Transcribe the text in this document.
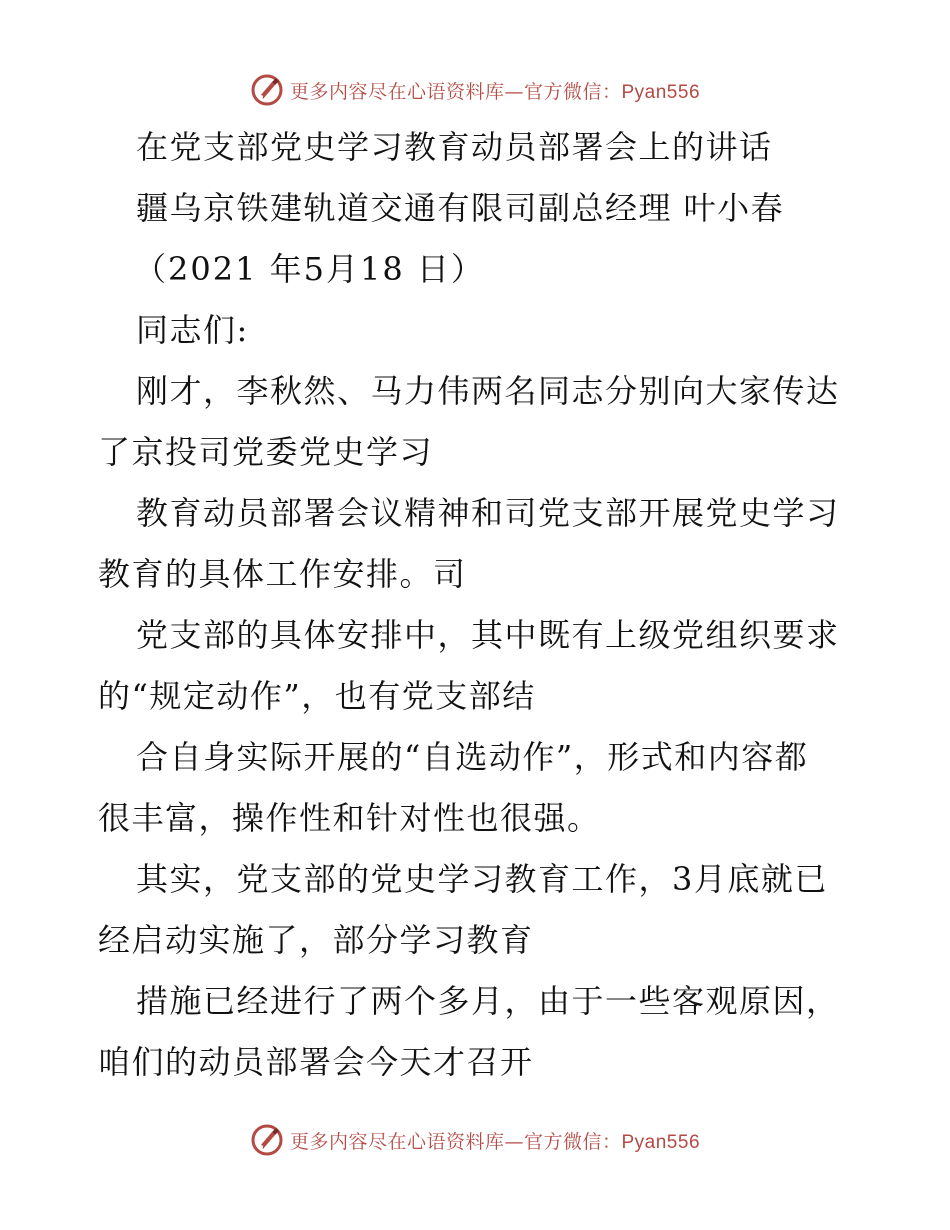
更多内容尽在心语资料库—官方微信：Pyan556
在党支部党史学习教育动员部署会上的讲话
疆乌京铁建轨道交通有限司副总经理 叶小春
（2021 年5月18 日）
同志们:
刚才，李秋然、马力伟两名同志分别向大家传达
了京投司党委党史学习
教育动员部署会议精神和司党支部开展党史学习
教育的具体工作安排。司
党支部的具体安排中，其中既有上级党组织要求
的“规定动作”，也有党支部结
合自身实际开展的“自选动作”，形式和内容都
很丰富，操作性和针对性也很强。
其实，党支部的党史学习教育工作，3月底就已
经启动实施了，部分学习教育
措施已经进行了两个多月，由于一些客观原因，
咱们的动员部署会今天才召开
更多内容尽在心语资料库—官方微信：Pyan556
